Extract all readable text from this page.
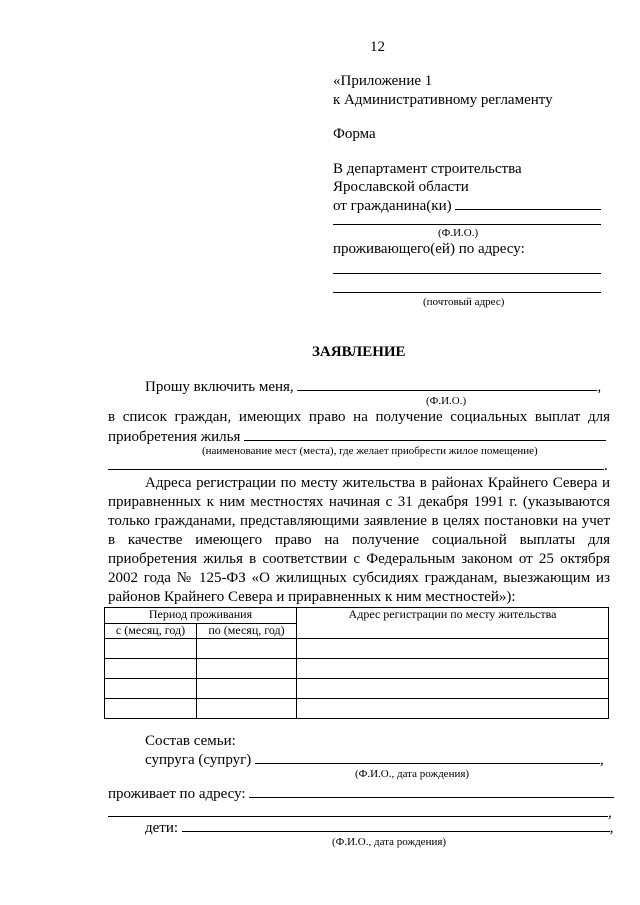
12
«Приложение 1
к Административному регламенту
Форма
В департамент строительства
Ярославской области
от гражданина(ки)
(Ф.И.О.)
проживающего(ей) по адресу:
(почтовый адрес)
ЗАЯВЛЕНИЕ
Прошу включить меня,	,
(Ф.И.О.)
в список граждан, имеющих право на получение социальных выплат для
приобретения жилья
(наименование мест (места), где желает приобрести жилое помещение)
.
Адреса регистрации по месту жительства в районах Крайнего Севера и
приравненных к ним местностях начиная с 31 декабря 1991 г. (указываются
только гражданами, представляющими заявление в целях постановки на учет
в качестве имеющего право на получение социальной выплаты для
приобретения жилья в соответствии с Федеральным законом от 25 октября
2002 года № 125-ФЗ «О жилищных субсидиях гражданам, выезжающим из
районов Крайнего Севера и приравненных к ним местностей»):
Период проживания		Адрес регистрации по месту жительства
с (месяц, год)	по (месяц, год)	

Состав семьи:
супруга (супруг)	,
(Ф.И.О., дата рождения)
проживает по адресу:
,
дети:	,
(Ф.И.О., дата рождения)
